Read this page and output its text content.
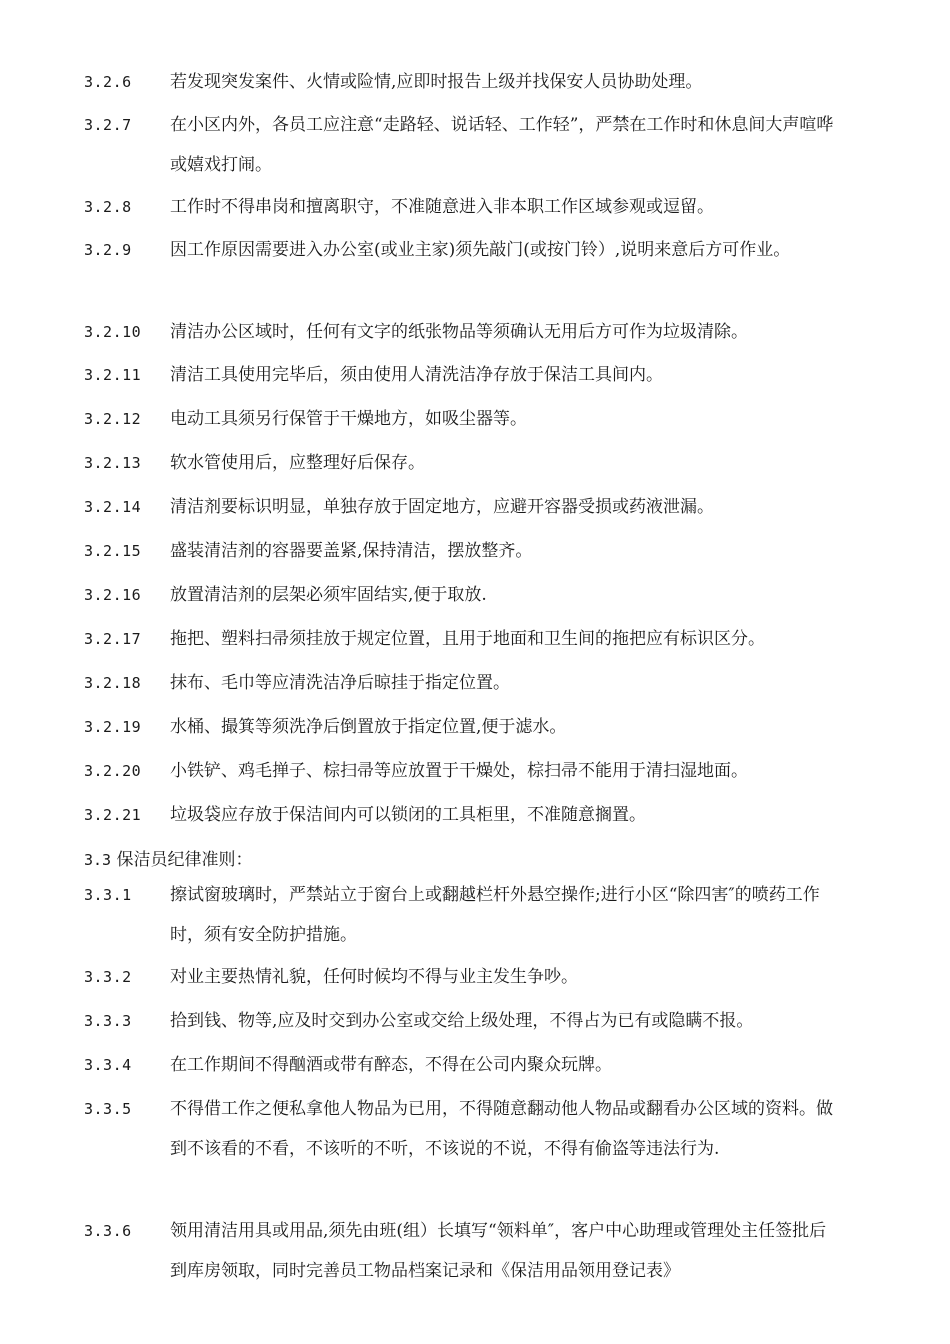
3.2.6 若发现突发案件、火情或险情,应即时报告上级并找保安人员协助处理。
3.2.7 在小区内外，各员工应注意“走路轻、说话轻、工作轻”，严禁在工作时和休息间大声喧哗或嬉戏打闹。
3.2.8 工作时不得串岗和擅离职守，不准随意进入非本职工作区域参观或逗留。
3.2.9 因工作原因需要进入办公室(或业主家)须先敲门(或按门铃）,说明来意后方可作业。
3.2.10 清洁办公区域时，任何有文字的纸张物品等须确认无用后方可作为垃圾清除。
3.2.11 清洁工具使用完毕后，须由使用人清洗洁净存放于保洁工具间内。
3.2.12 电动工具须另行保管于干燥地方，如吸尘器等。
3.2.13 软水管使用后，应整理好后保存。
3.2.14 清洁剂要标识明显，单独存放于固定地方，应避开容器受损或药液泄漏。
3.2.15 盛装清洁剂的容器要盖紧,保持清洁，摆放整齐。
3.2.16 放置清洁剂的层架必须牢固结实,便于取放.
3.2.17 拖把、塑料扫帚须挂放于规定位置，且用于地面和卫生间的拖把应有标识区分。
3.2.18 抹布、毛巾等应清洗洁净后晾挂于指定位置。
3.2.19 水桶、撮箕等须洗净后倒置放于指定位置,便于滤水。
3.2.20 小铁铲、鸡毛掸子、棕扫帚等应放置于干燥处，棕扫帚不能用于清扫湿地面。
3.2.21 垃圾袋应存放于保洁间内可以锁闭的工具柜里，不准随意搁置。
3.3 保洁员纪律准则：
3.3.1 擦试窗玻璃时，严禁站立于窗台上或翻越栏杆外悬空操作;进行小区“除四害″的喷药工作时，须有安全防护措施。
3.3.2 对业主要热情礼貌，任何时候均不得与业主发生争吵。
3.3.3 拾到钱、物等,应及时交到办公室或交给上级处理，不得占为已有或隐瞒不报。
3.3.4 在工作期间不得酗酒或带有醉态，不得在公司内聚众玩牌。
3.3.5 不得借工作之便私拿他人物品为已用，不得随意翻动他人物品或翻看办公区域的资料。做到不该看的不看，不该听的不听，不该说的不说，不得有偷盗等违法行为.
3.3.6 领用清洁用具或用品,须先由班(组）长填写“领料单″，客户中心助理或管理处主任签批后到库房领取，同时完善员工物品档案记录和《保洁用品领用登记表》
